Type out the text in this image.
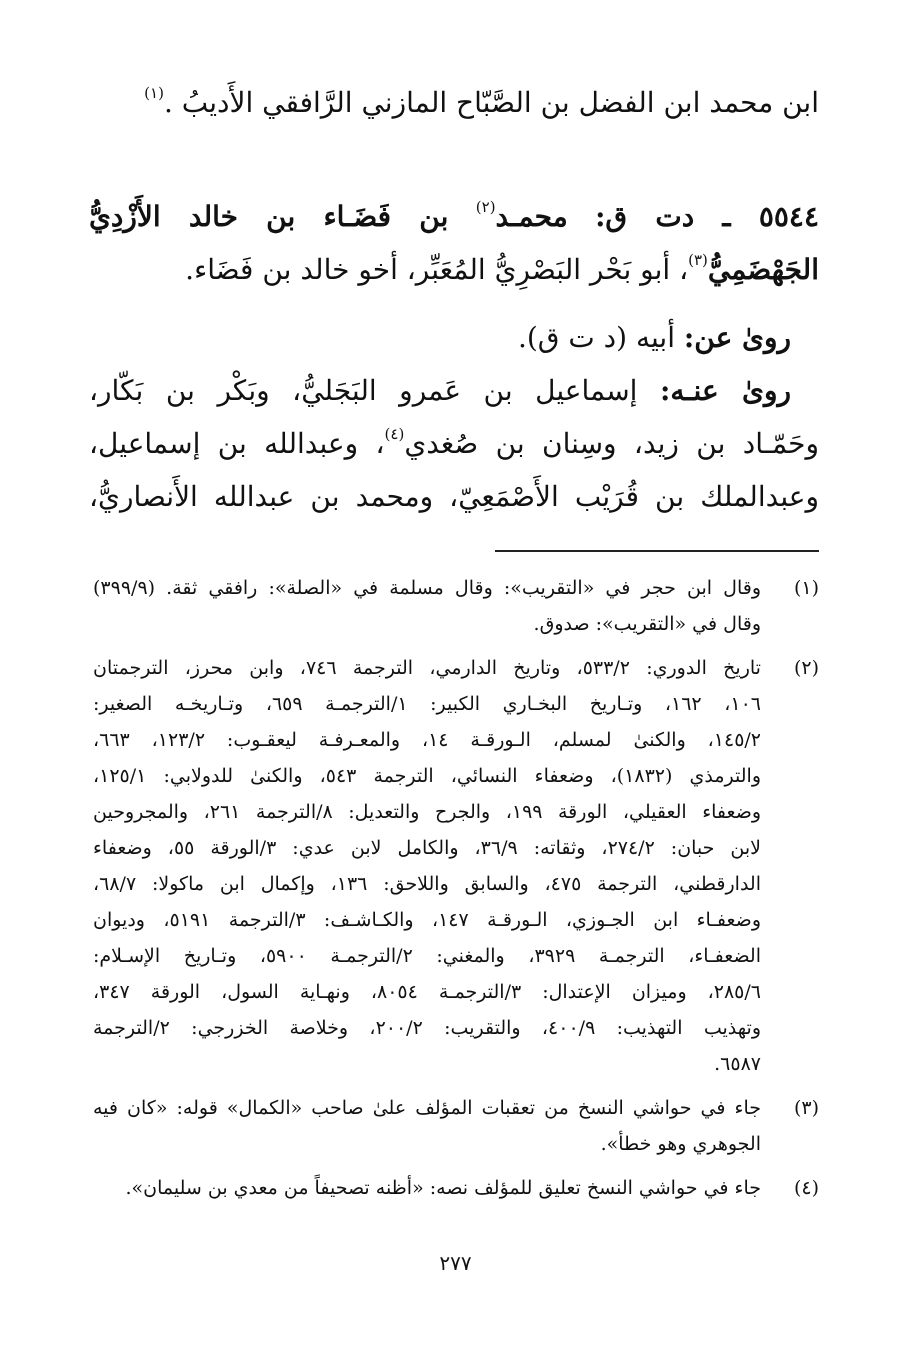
ابن محمد ابن الفضل بن الصَّبّاح المازني الرَّافقي الأَديبُ .$^{(١)}$
٥٥٤٤ ـ دت ق: محمـد$^{(٢)}$ بن فَضَـاء بن خالد الأَزْدِيُّ
الجَهْضَمِيُّ$^{(٣)}$، أبو بَحْر البَصْرِيُّ المُعَبِّر، أخو خالد بن فَضَاء.
 روىٰ عن: أبيه (د ت ق).
 روىٰ عنـه: إسماعيل بن عَمرو البَجَليُّ، وبَكْر بن بَكّار،
وحَمّـاد بن زيد، وسِنان بن صُغدي$^{(٤)}$، وعبدالله بن إسماعيل،
وعبدالملك بن قُرَيْب الأَصْمَعِيّ، ومحمد بن عبدالله الأَنصاريُّ،
(١)
وقال ابن حجر في «التقريب»: وقال مسلمة في «الصلة»: رافقي ثقة. (٣٩٩/٩)
وقال في «التقريب»: صدوق.
(٢)
تاريخ الدوري: ٥٣٣/٢، وتاريخ الدارمي، الترجمة ٧٤٦، وابن محرز، الترجمتان
١٠٦، ١٦٢، وتـاريخ البخـاري الكبير: ١/الترجمـة ٦٥٩، وتـاريخـه الصغير:
١٤٥/٢، والكنىٰ لمسلم، الـورقـة ١٤، والمعـرفـة ليعقـوب: ١٢٣/٢، ٦٦٣،
والترمذي (١٨٣٢)، وضعفاء النسائي، الترجمة ٥٤٣، والكنىٰ للدولابي: ١٢٥/١،
وضعفاء العقيلي، الورقة ١٩٩، والجرح والتعديل: ٨/الترجمة ٢٦١، والمجروحين
لابن حبان: ٢٧٤/٢، وثقاته: ٣٦/٩، والكامل لابن عدي: ٣/الورقة ٥٥، وضعفاء
الدارقطني، الترجمة ٤٧٥، والسابق واللاحق: ١٣٦، وإكمال ابن ماكولا: ٦٨/٧،
وضعفـاء ابن الجـوزي، الـورقـة ١٤٧، والكـاشـف: ٣/الترجمة ٥١٩١، وديوان
الضعفـاء، الترجمـة ٣٩٢٩، والمغني: ٢/الترجمـة ٥٩٠٠، وتـاريخ الإسـلام:
٢٨٥/٦، وميزان الإعتدال: ٣/الترجمـة ٨٠٥٤، ونهـاية السول، الورقة ٣٤٧،
وتهذيب التهذيب: ٤٠٠/٩، والتقريب: ٢٠٠/٢، وخلاصة الخزرجي: ٢/الترجمة
٦٥٨٧.
(٣)
جاء في حواشي النسخ من تعقبات المؤلف علىٰ صاحب «الكمال» قوله: «كان فيه
الجوهري وهو خطأ».
(٤)
جاء في حواشي النسخ تعليق للمؤلف نصه: «أظنه تصحيفاً من معدي بن سليمان».
٢٧٧
